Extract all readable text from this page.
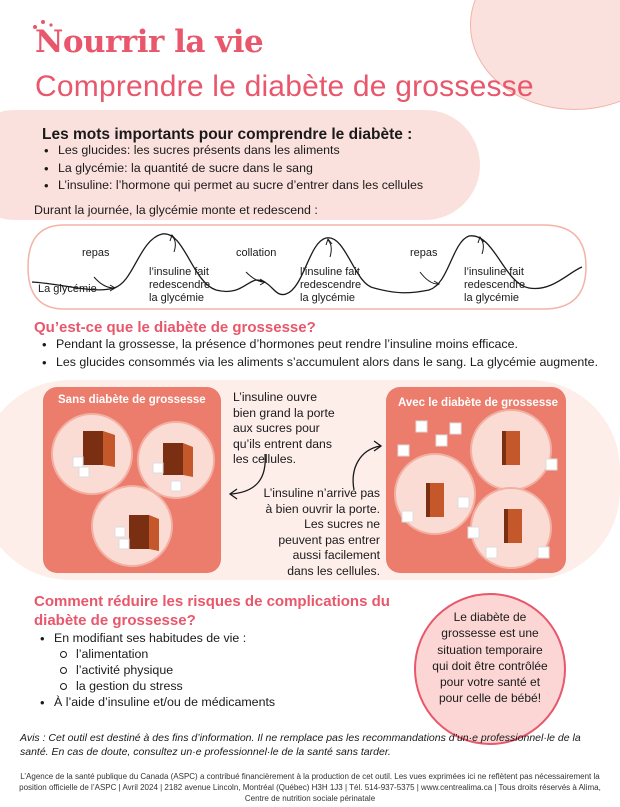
Nourrir la vie
Comprendre le diabète de grossesse
Les mots importants pour comprendre le diabète :
• Les glucides: les sucres présents dans les aliments
• La glycémie: la quantité de sucre dans le sang
• L’insuline: l’hormone qui permet au sucre d’entrer dans les cellules
Durant la journée, la glycémie monte et redescend :
La glycémie
repas
l’insuline fait
redescendre
la glycémie
collation
l’insuline fait
redescendre
la glycémie
repas
l’insuline fait
redescendre
la glycémie
Qu’est-ce que le diabète de grossesse?
• Pendant la grossesse, la présence d’hormones peut rendre l’insuline moins efficace.
• Les glucides consommés via les aliments s’accumulent alors dans le sang. La glycémie augmente.
Sans diabète de grossesse	Avec le diabète de grossesse
L’insuline ouvre
bien grand la porte
aux sucres pour
qu’ils entrent dans
les cellules.
L’insuline n’arrive pas
à bien ouvrir la porte.
Les sucres ne
peuvent pas entrer
aussi facilement
dans les cellules.
Comment réduire les risques de complications du
diabète de grossesse?
• En modifiant ses habitudes de vie :
l’alimentation
l’activité physique
la gestion du stress
• À l’aide d’insuline et/ou de médicaments
Le diabète de
grossesse est une
situation temporaire
qui doit être contrôlée
pour votre santé et
pour celle de bébé!
Avis : Cet outil est destiné à des fins d’information. Il ne remplace pas les recommandations d’un·e professionnel·le de la santé. En cas de doute, consultez un·e professionnel·le de la santé sans tarder.
L’Agence de la santé publique du Canada (ASPC) a contribué financièrement à la production de cet outil. Les vues exprimées ici ne reflètent pas nécessairement la position officielle de l’ASPC | Avril 2024 | 2182 avenue Lincoln, Montréal (Québec) H3H 1J3 | Tél. 514-937-5375 | www.centrealima.ca | Tous droits réservés à Alima, Centre de nutrition sociale périnatale
